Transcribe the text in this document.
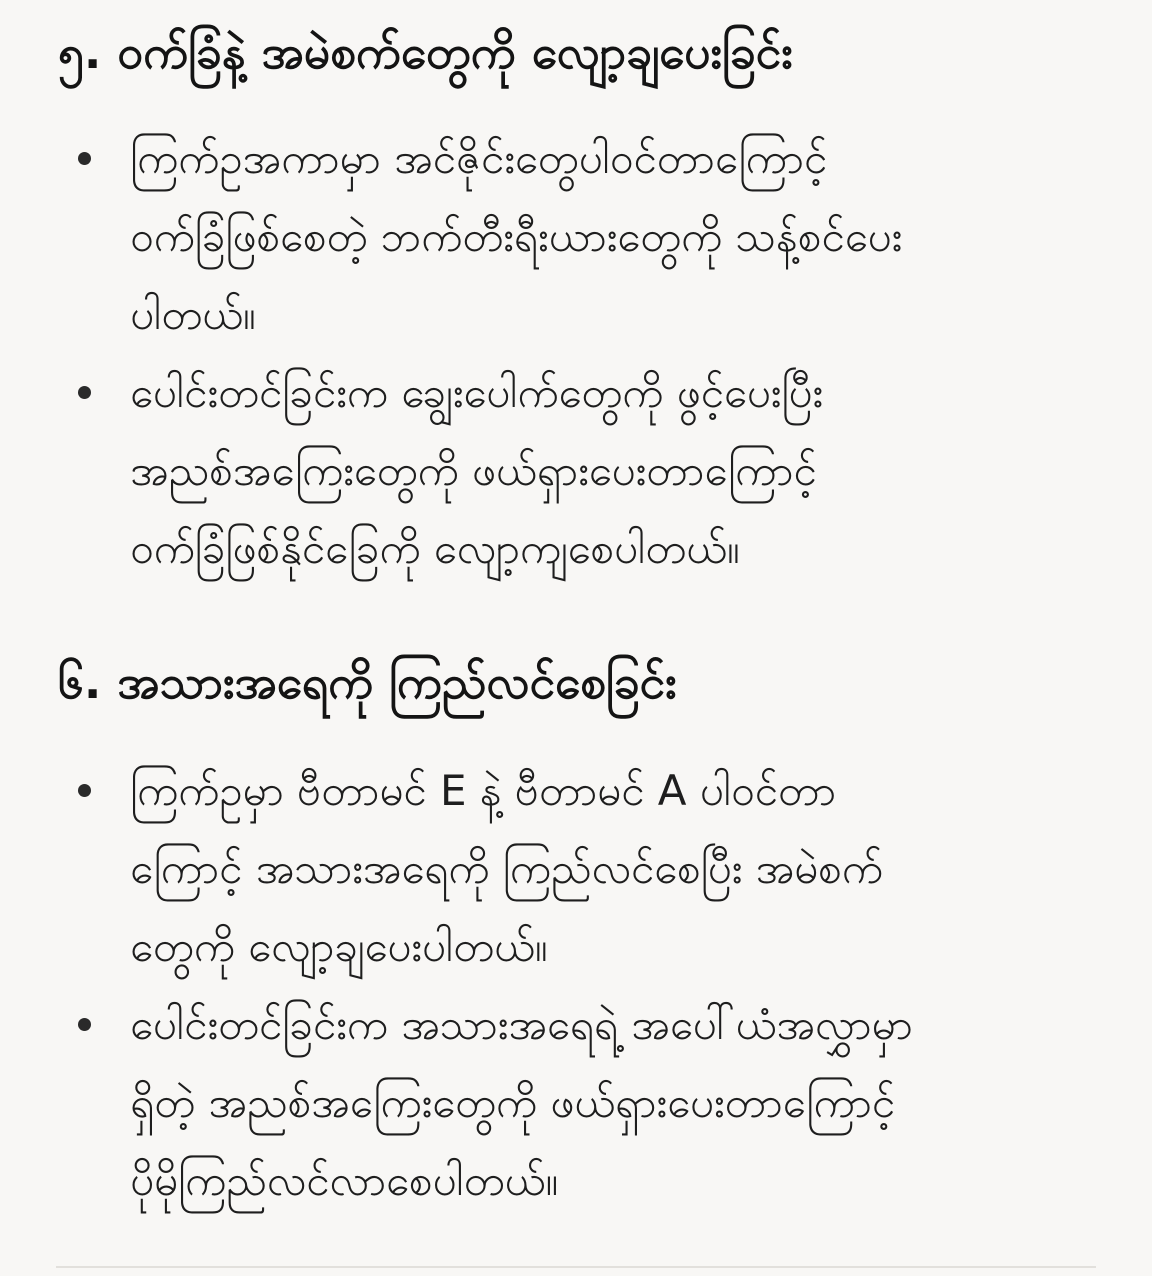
၅. ဝက်ခြံနဲ့ အမဲစက်တွေကို လျော့ချပေးခြင်း
ကြက်ဥအကာမှာ အင်ဇိုင်းတွေပါဝင်တာကြောင့်
ဝက်ခြံဖြစ်စေတဲ့ ဘက်တီးရီးယားတွေကို သန့်စင်ပေး
ပါတယ်။
ပေါင်းတင်ခြင်းက ချွေးပေါက်တွေကို ဖွင့်ပေးပြီး
အညစ်အကြေးတွေကို ဖယ်ရှားပေးတာကြောင့်
ဝက်ခြံဖြစ်နိုင်ခြေကို လျော့ကျစေပါတယ်။
၆. အသားအရေကို ကြည်လင်စေခြင်း
ကြက်ဥမှာ ဗီတာမင် E နဲ့ ဗီတာမင် A ပါဝင်တာ
ကြောင့် အသားအရေကို ကြည်လင်စေပြီး အမဲစက်
တွေကို လျော့ချပေးပါတယ်။
ပေါင်းတင်ခြင်းက အသားအရေရဲ့ အပေါ်ယံအလွှာမှာ
ရှိတဲ့ အညစ်အကြေးတွေကို ဖယ်ရှားပေးတာကြောင့်
ပိုမိုကြည်လင်လာစေပါတယ်။
